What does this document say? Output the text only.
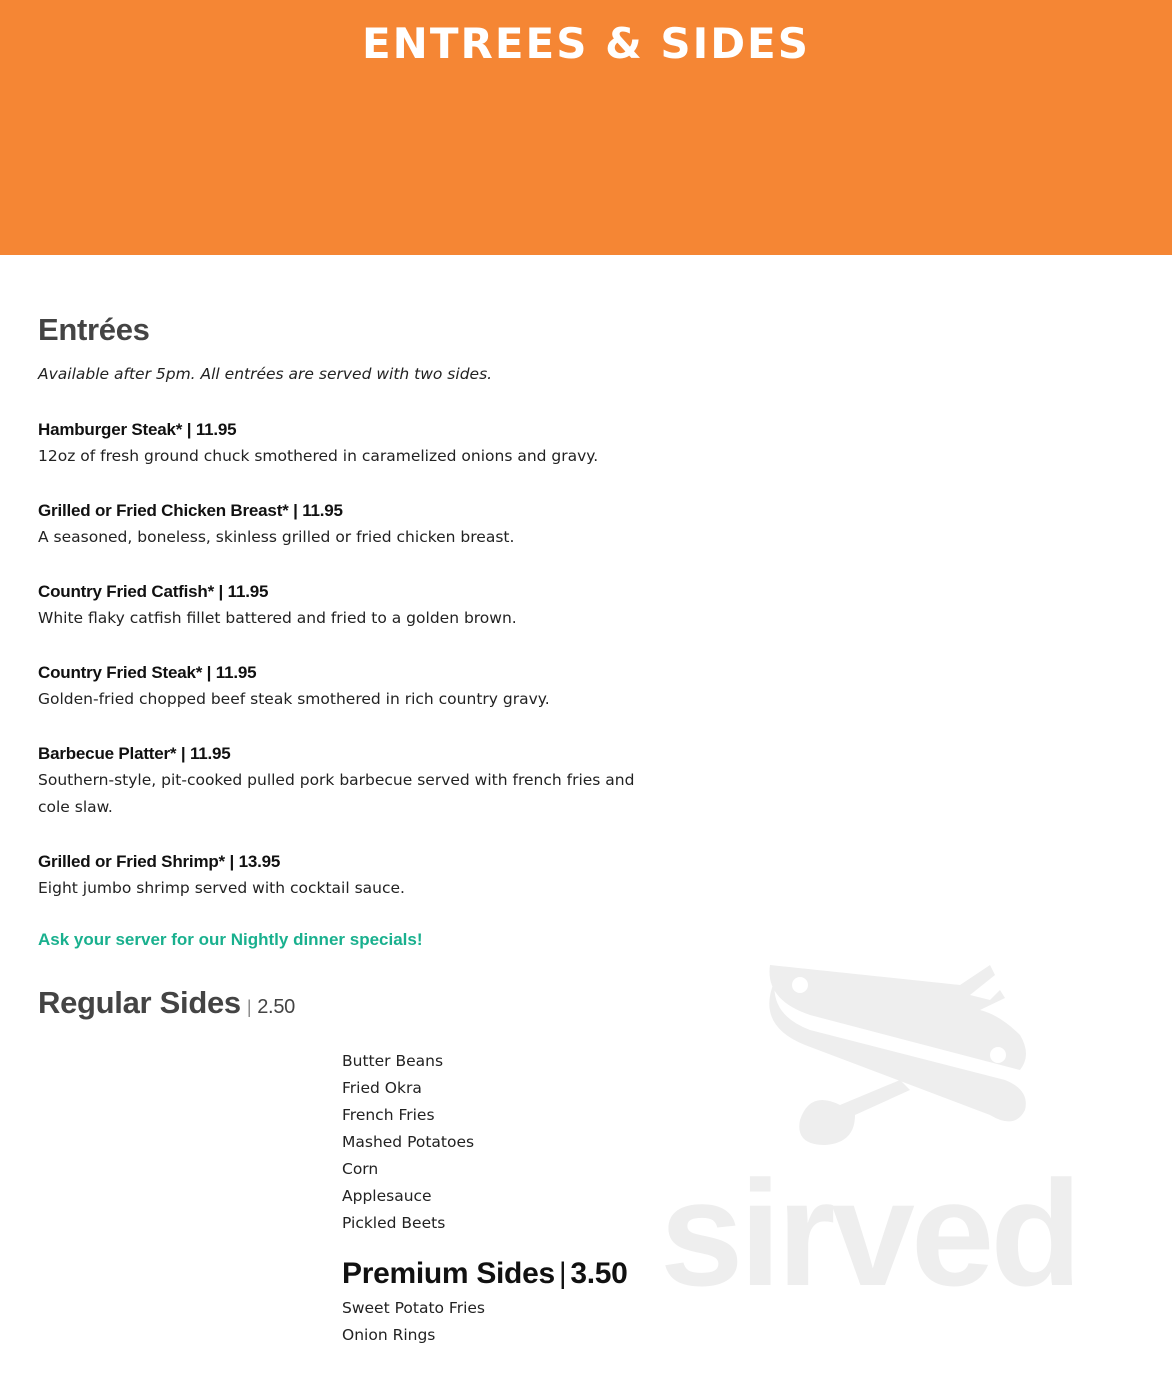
ENTREES & SIDES
Entrées

Available after 5pm. All entrées are served with two sides.

Hamburger Steak* | 11.95
12oz of fresh ground chuck smothered in caramelized onions and gravy.
Grilled or Fried Chicken Breast* | 11.95
A seasoned, boneless, skinless grilled or fried chicken breast.
Country Fried Catfish* | 11.95
White flaky catfish fillet battered and fried to a golden brown.
Country Fried Steak* | 11.95
Golden-fried chopped beef steak smothered in rich country gravy.
Barbecue Platter* | 11.95
Southern-style, pit-cooked pulled pork barbecue served with french fries and cole slaw.
Grilled or Fried Shrimp* | 13.95
Eight jumbo shrimp served with cocktail sauce.

Ask your server for our Nightly dinner specials!

Regular Sides | 2.50
Butter Beans
Fried Okra
French Fries
Mashed Potatoes
Corn
Applesauce
Pickled Beets
Premium Sides | 3.50
Sweet Potato Fries
Onion Rings
sirved
